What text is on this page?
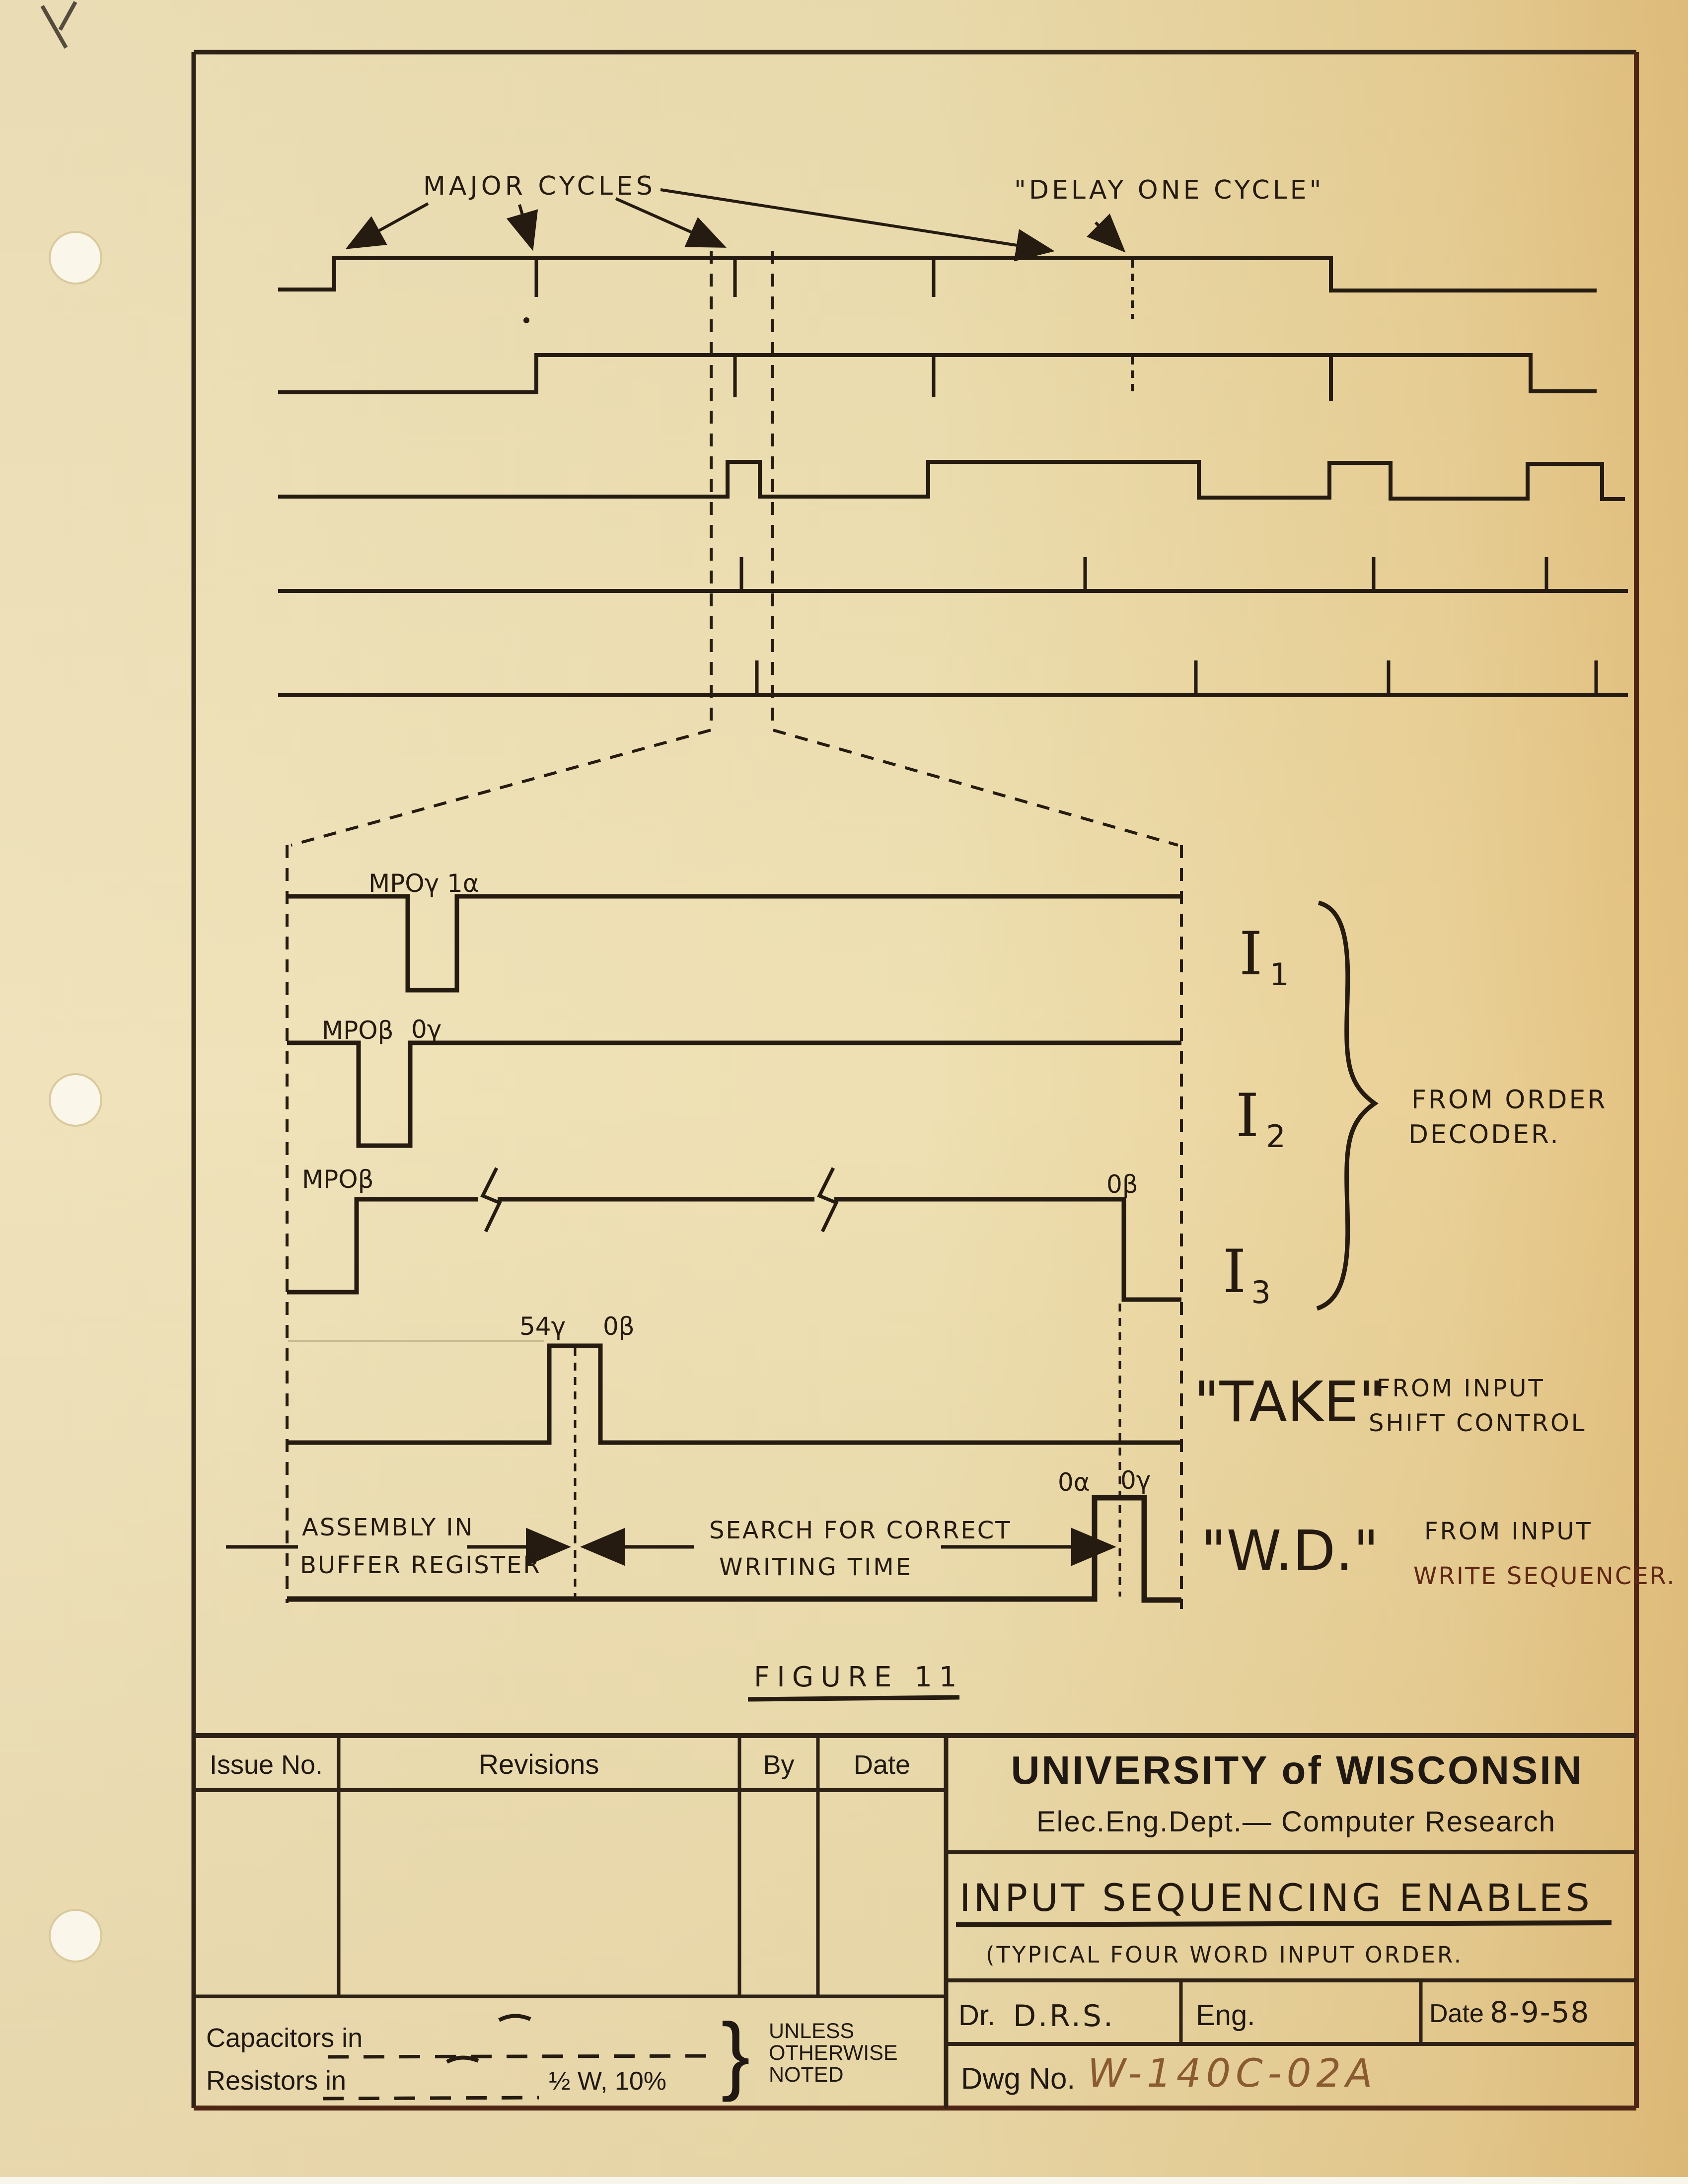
MAJOR CYCLES	"DELAY ONE CYCLE"
MPOγ 1α
MPOβ 0γ
MPOβ	0β
54γ 0β
0α 0γ
I 1
I 2
I 3
FROM ORDER
DECODER.
"TAKE"
FROM INPUT
SHIFT CONTROL
"W.D." FROM INPUT
WRITE SEQUENCER.
ASSEMBLY IN
BUFFER REGISTER
SEARCH FOR CORRECT
WRITING TIME
FIGURE 11
Issue No.	Revisions	By Date	UNIVERSITY of WISCONSIN
Elec.Eng.Dept.— Computer Research
INPUT SEQUENCING ENABLES
(TYPICAL FOUR WORD INPUT ORDER.
Dr. D.R.S.	Eng.	Date 8-9-58
Dwg No. W-140C-02A
Capacitors in
Resistors in	½ W, 10% } UNLESS
OTHERWISE
NOTED
